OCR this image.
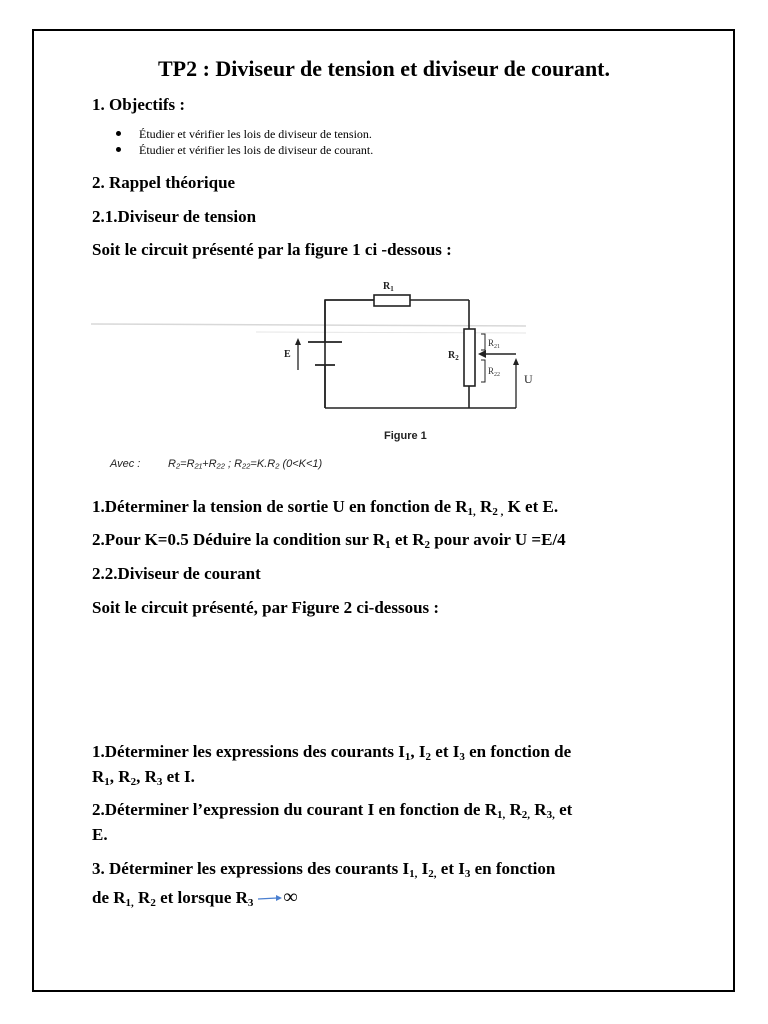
TP2 : Diviseur de tension et diviseur de courant.
1. Objectifs :
Étudier et vérifier les lois de diviseur de tension.
Étudier et vérifier les lois de diviseur de courant.
2. Rappel théorique
2.1.Diviseur de tension
Soit le circuit présenté par la figure 1 ci -dessous :
$R_1$
$R_2$
$R_{21}$
$R_{22}$
E
U
Figure 1
Avec :	R₂=R₂₁+R₂₂ ; R₂₂=K.R₂ (0<K<1)
1.Déterminer la tension de sortie U en fonction de $R_{1,}$ $R_{2 ,}$ K et E.
2.Pour K=0.5 Déduire la condition sur $R_1$ et $R_2$ pour avoir U =E/4
2.2.Diviseur de courant
Soit le circuit présenté, par Figure 2 ci-dessous :
1.Déterminer les expressions des courants $I_1$, $I_2$ et $I_3$ en fonction de
$R_1$, $R_2$, $R_3$ et I.
2.Déterminer l’expression du courant I en fonction de $R_{1,}$ $R_{2,}$ $R_{3,}$ et
E.
3. Déterminer les expressions des courants $I_{1,}$ $I_{2,}$ et $I_3$ en fonction
de $R_{1,}$ $R_2$ et lorsque $R_3$ ∞
